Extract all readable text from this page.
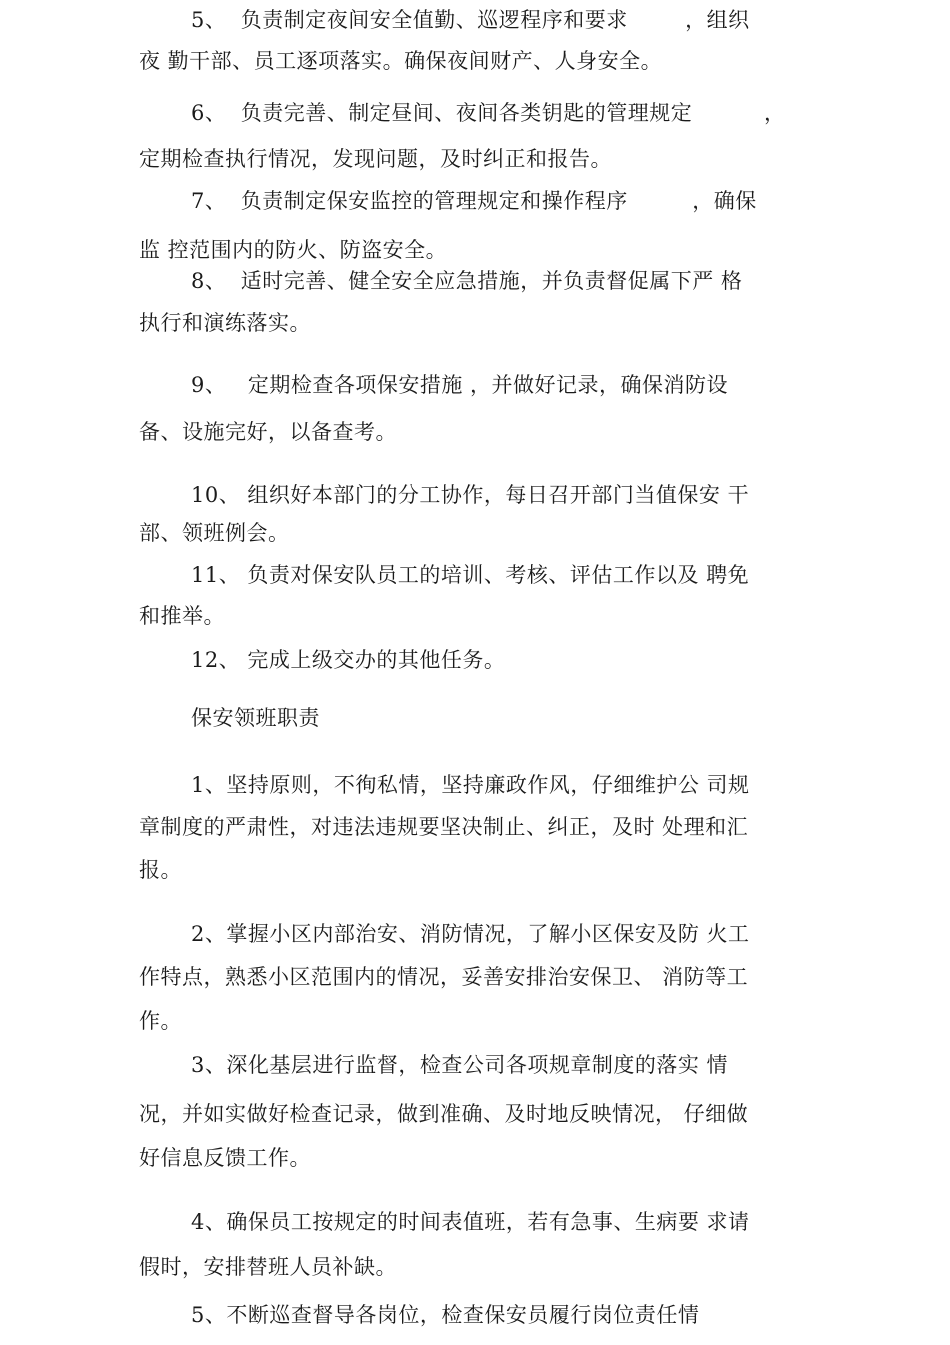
5、  负责制定夜间安全值勤、巡逻程序和要求        ，组织
夜 勤干部、员工逐项落实。确保夜间财产、人身安全。
6、  负责完善、制定昼间、夜间各类钥匙的管理规定          ，
定期检查执行情况，发现问题，及时纠正和报告。
7、  负责制定保安监控的管理规定和操作程序         ，确保
监 控范围内的防火、防盗安全。
8、  适时完善、健全安全应急措施，并负责督促属下严 格
执行和演练落实。
9、   定期检查各项保安措施 ，并做好记录，确保消防设
备、设施完好，以备查考。
10、 组织好本部门的分工协作，每日召开部门当值保安 干
部、领班例会。
11、 负责对保安队员工的培训、考核、评估工作以及 聘免
和推举。
12、 完成上级交办的其他任务。
保安领班职责
1、坚持原则，不徇私情，坚持廉政作风，仔细维护公 司规
章制度的严肃性，对违法违规要坚决制止、纠正，及时 处理和汇
报。
2、掌握小区内部治安、消防情况，了解小区保安及防 火工
作特点，熟悉小区范围内的情况，妥善安排治安保卫、 消防等工
作。
3、深化基层进行监督，检查公司各项规章制度的落实 情
况，并如实做好检查记录，做到准确、及时地反映情况， 仔细做
好信息反馈工作。
4、确保员工按规定的时间表值班，若有急事、生病要 求请
假时，安排替班人员补缺。
5、不断巡查督导各岗位，检查保安员履行岗位责任情
